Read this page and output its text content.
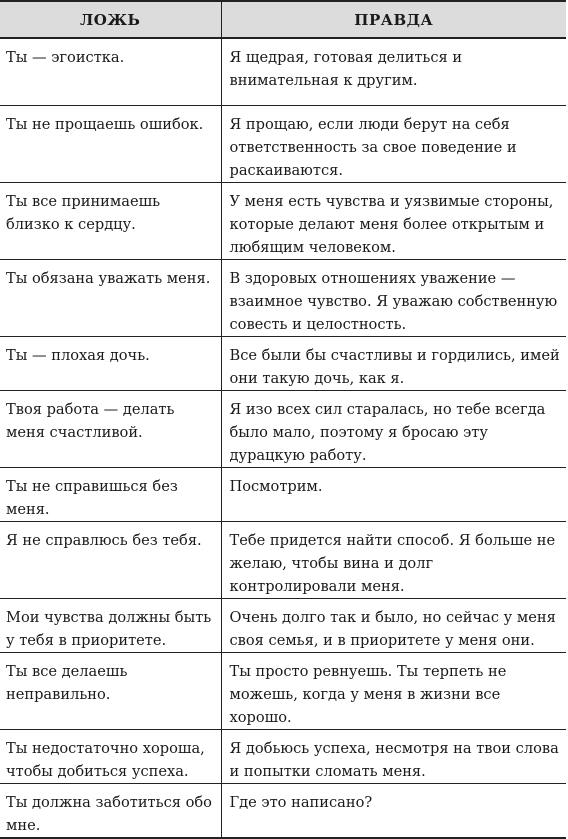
ЛОЖЬ	ПРАВДА

Ты — эгоистка.	Я щедрая, готовая делиться и внимательная к другим.

Ты не прощаешь ошибок.	Я прощаю, если люди берут на себя ответственность за свое поведение и раскаиваются.

Ты все принимаешь близко к сердцу.	У меня есть чувства и уязвимые стороны, которые делают меня более открытым и любящим человеком.

Ты обязана уважать меня.	В здоровых отношениях уважение — взаимное чувство. Я уважаю собственную совесть и целостность.

Ты — плохая дочь.	Все были бы счастливы и гордились, имей они такую дочь, как я.

Твоя работа — делать меня счастливой.	Я изо всех сил старалась, но тебе всегда было мало, поэтому я бросаю эту дурацкую работу.

Ты не справишься без меня.	Посмотрим.

Я не справлюсь без тебя.	Тебе придется найти способ. Я больше не желаю, чтобы вина и долг контролировали меня.

Мои чувства должны быть у тебя в приоритете.	Очень долго так и было, но сейчас у меня своя семья, и в приоритете у меня они.

Ты все делаешь неправильно.	Ты просто ревнуешь. Ты терпеть не можешь, когда у меня в жизни все хорошо.

Ты недостаточно хороша, чтобы добиться успеха.	Я добьюсь успеха, несмотря на твои слова и попытки сломать меня.

Ты должна заботиться обо мне.	Где это написано?
